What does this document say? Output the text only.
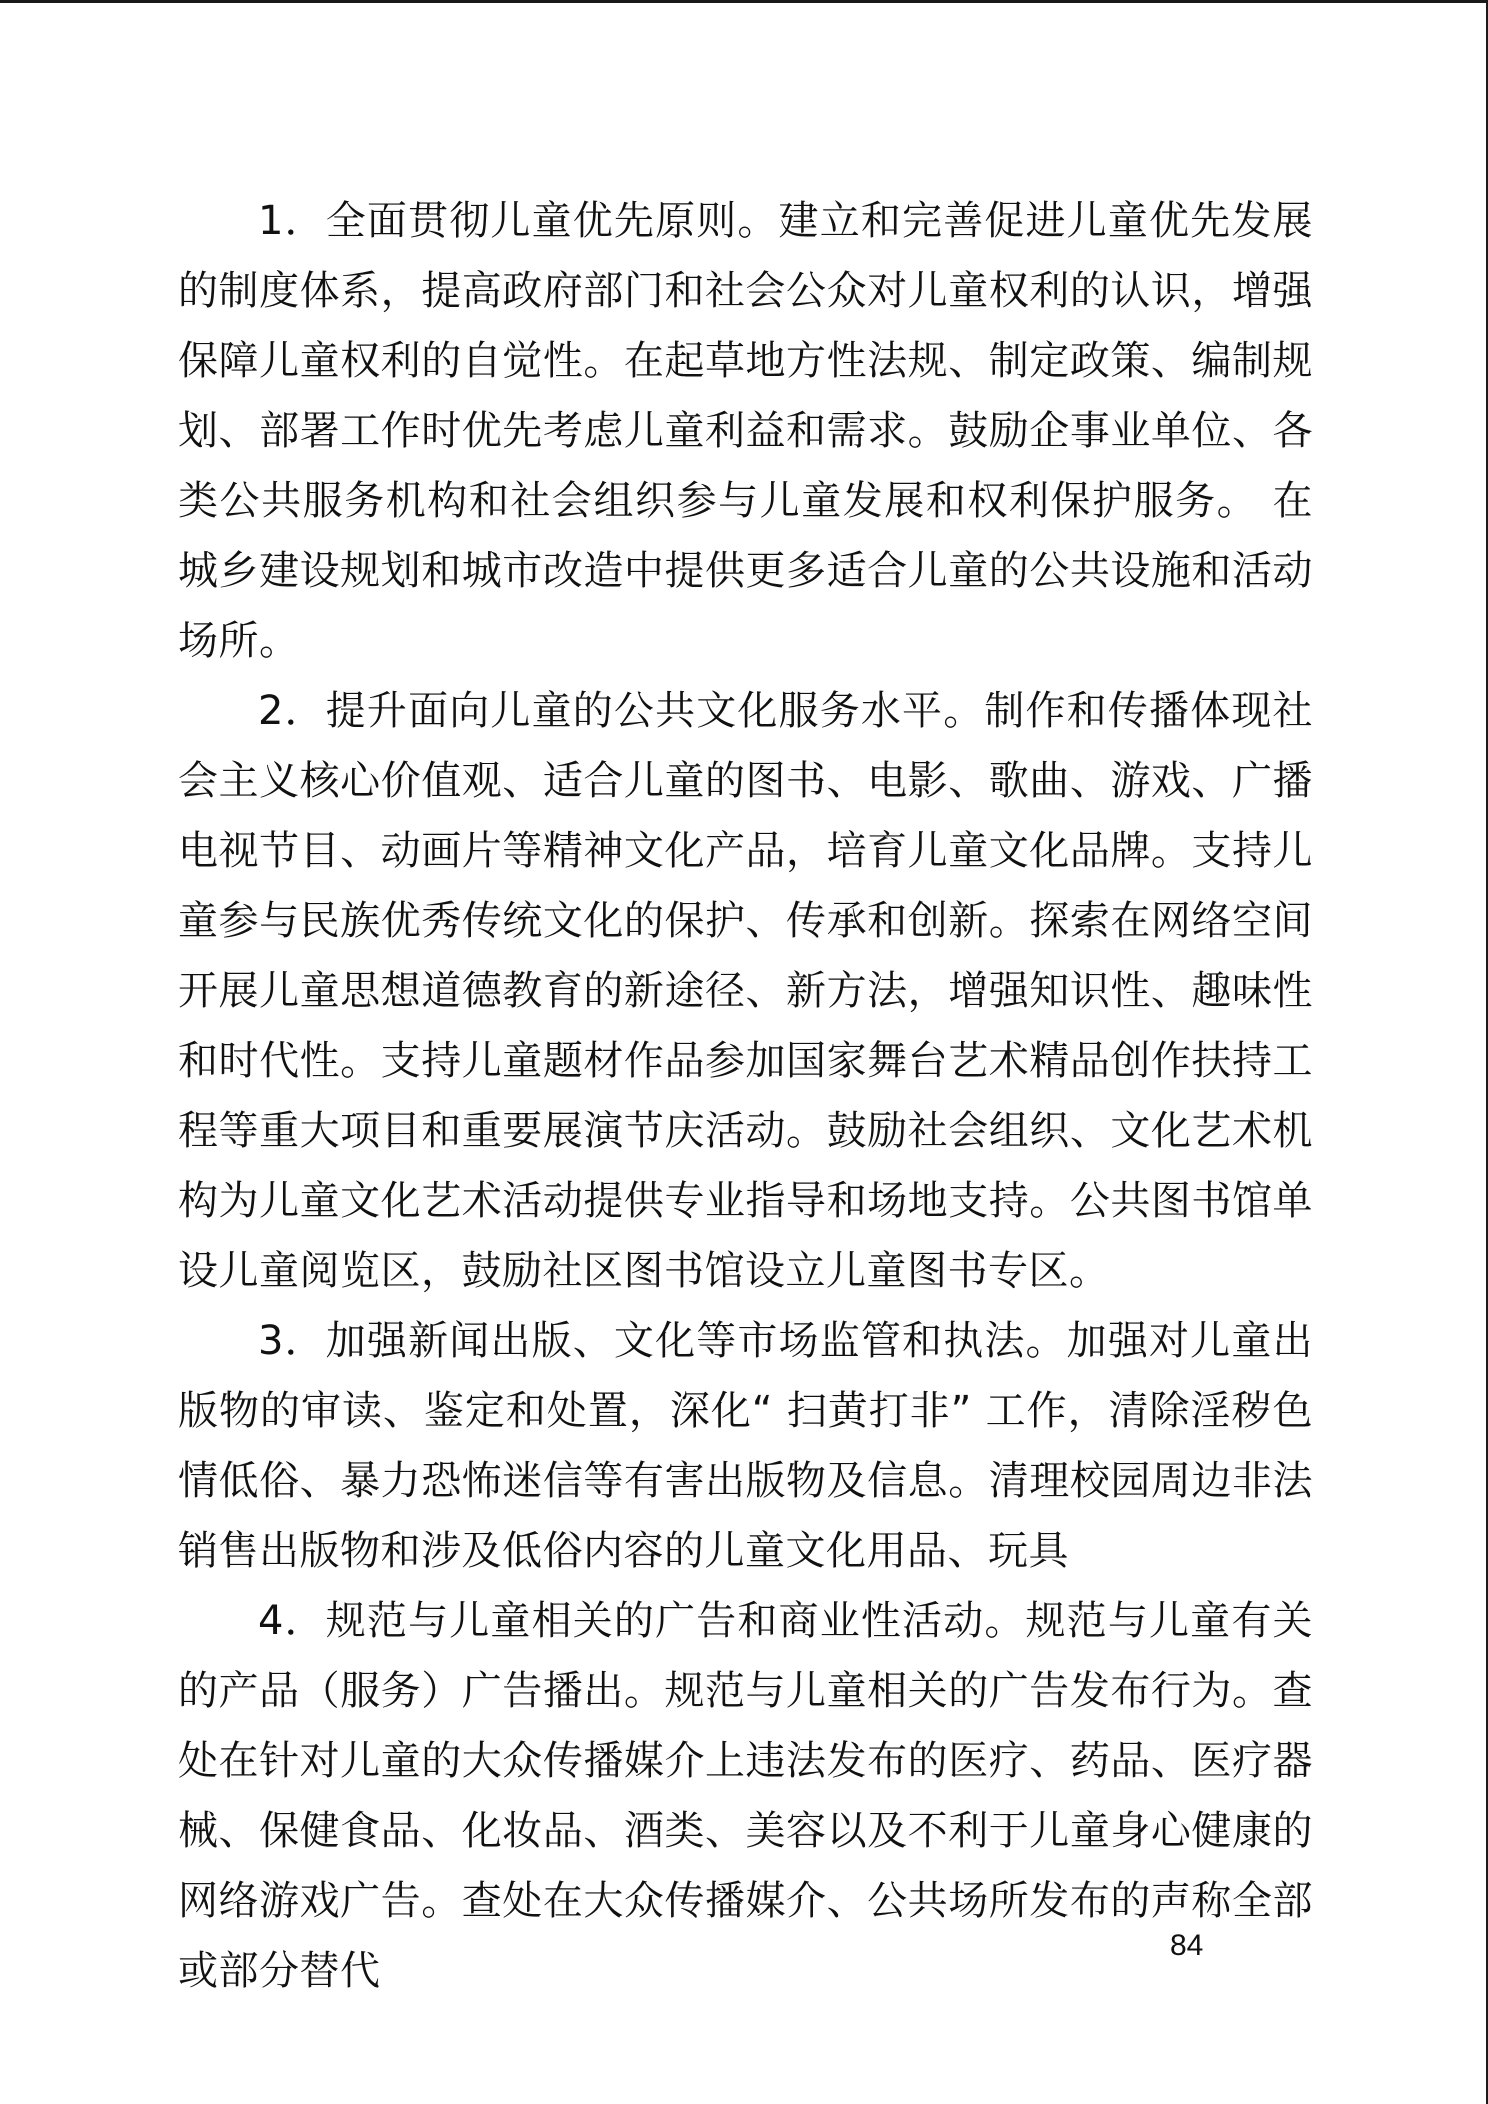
1．全面贯彻儿童优先原则。建立和完善促进儿童优先发展的制度体系，提高政府部门和社会公众对儿童权利的认识，增强保障儿童权利的自觉性。在起草地方性法规、制定政策、编制规划、部署工作时优先考虑儿童利益和需求。鼓励企事业单位、各类公共服务机构和社会组织参与儿童发展和权利保护服务。 在城乡建设规划和城市改造中提供更多适合儿童的公共设施和活动场所。

2．提升面向儿童的公共文化服务水平。制作和传播体现社会主义核心价值观、适合儿童的图书、电影、歌曲、游戏、广播电视节目、动画片等精神文化产品，培育儿童文化品牌。支持儿童参与民族优秀传统文化的保护、传承和创新。探索在网络空间开展儿童思想道德教育的新途径、新方法，增强知识性、趣味性和时代性。支持儿童题材作品参加国家舞台艺术精品创作扶持工程等重大项目和重要展演节庆活动。鼓励社会组织、文化艺术机构为儿童文化艺术活动提供专业指导和场地支持。公共图书馆单设儿童阅览区，鼓励社区图书馆设立儿童图书专区。

3．加强新闻出版、文化等市场监管和执法。加强对儿童出版物的审读、鉴定和处置，深化“ 扫黄打非” 工作，清除淫秽色情低俗、暴力恐怖迷信等有害出版物及信息。清理校园周边非法销售出版物和涉及低俗内容的儿童文化用品、玩具

4．规范与儿童相关的广告和商业性活动。规范与儿童有关的产品（服务）广告播出。规范与儿童相关的广告发布行为。查处在针对儿童的大众传播媒介上违法发布的医疗、药品、医疗器械、保健食品、化妆品、酒类、美容以及不利于儿童身心健康的网络游戏广告。查处在大众传播媒介、公共场所发布的声称全部或部分替代

84
